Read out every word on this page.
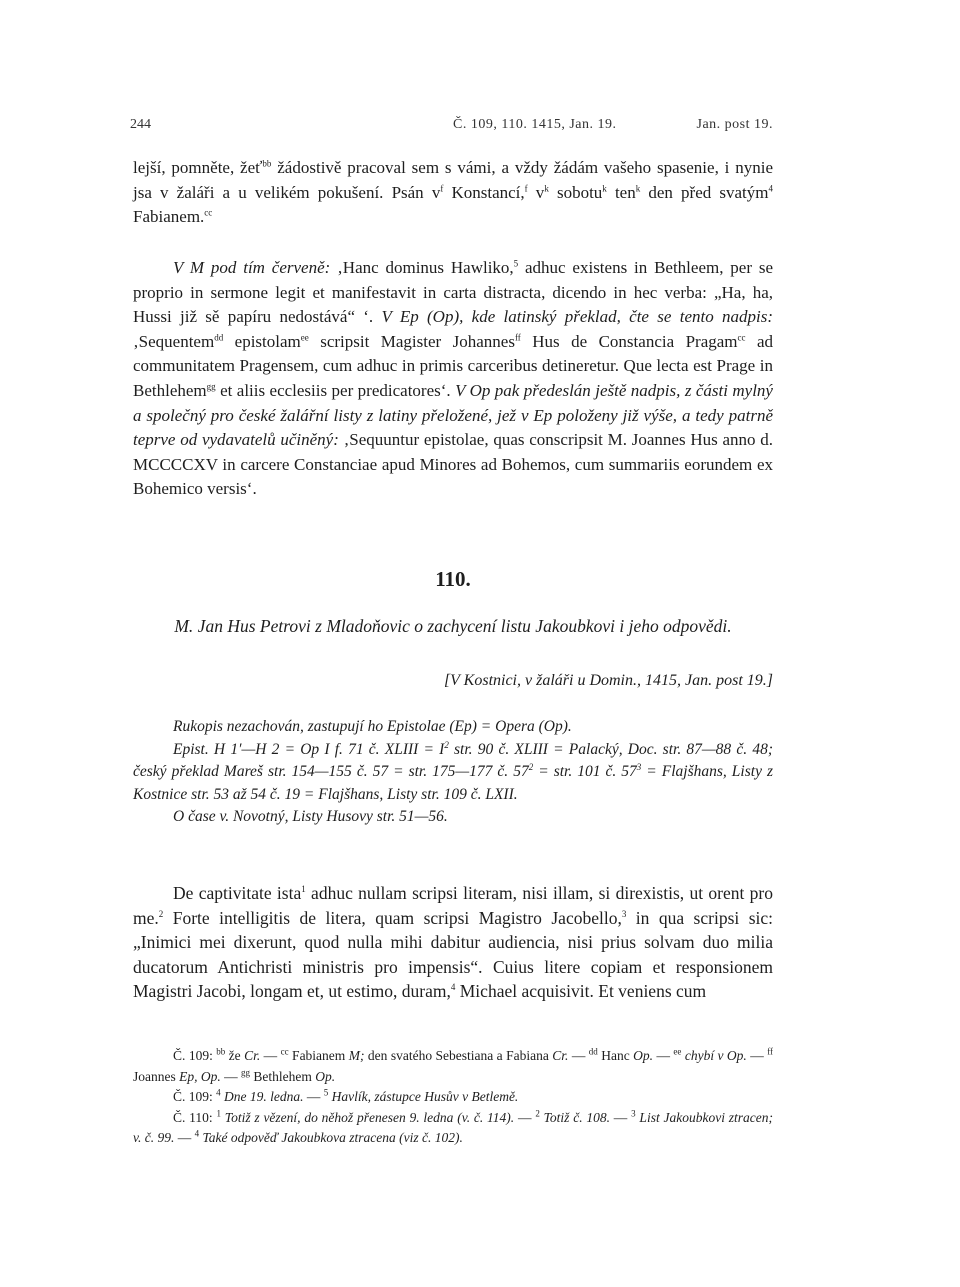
244	Č. 109, 110. 1415, Jan. 19.	Jan. post 19.
lejší, pomněte, žeť$^{bb}$ žádostivě pracoval sem s vámi, a vždy žádám vašeho spasenie, i nynie jsa v žaláři a u velikém pokušení. Psán $v^f$ Konstancí,$^f$ $v^k$ sobotu$^k$ ten$^k$ den před svatým$^4$ Fabianem.$^{cc}$
V M pod tím červeně: ‚Hanc dominus Hawliko,$^5$ adhuc existens in Bethleem, per se proprio in sermone legit et manifestavit in carta distracta, dicendo in hec verba: „Ha, ha, Hussi již sě papíru nedostává“ ‘. V Ep (Op), kde latinský překlad, čte se tento nadpis: ‚Sequentem$^{dd}$ epistolam$^{ee}$ scripsit Magister Johannes$^{ff}$ Hus de Constancia Pragam$^{cc}$ ad communitatem Pragensem, cum adhuc in primis carceribus detineretur. Que lecta est Prage in Bethlehem$^{gg}$ et aliis ecclesiis per predicatores‘. V Op pak předeslán ještě nadpis, z části mylný a společný pro české žalářní listy z latiny přeložené, jež v Ep položeny již výše, a tedy patrně teprve od vydavatelů učiněný: ‚Sequuntur epistolae, quas conscripsit M. Joannes Hus anno d. MCCCCXV in carcere Constanciae apud Minores ad Bohemos, cum summariis eorundem ex Bohemico versis‘.
110.
M. Jan Hus Petrovi z Mladoňovic o zachycení listu Jakoubkovi i jeho odpovědi.
[V Kostnici, v žaláři u Domin., 1415, Jan. post 19.]

Rukopis nezachován, zastupují ho Epistolae (Ep) = Opera (Op).

Epist. H 1′—H 2 = Op I f. 71 č. XLIII = $I^2$ str. 90 č. XLIII = Palacký, Doc. str. 87—88 č. 48; český překlad Mareš str. 154—155 č. 57 = str. 175—177 č. $57^2$ = str. 101 č. $57^3$ = Flajšhans, Listy z Kostnice str. 53 až 54 č. 19 = Flajšhans, Listy str. 109 č. LXII.

O čase v. Novotný, Listy Husovy str. 51—56.

De captivitate ista$^1$ adhuc nullam scripsi literam, nisi illam, si direxistis, ut orent pro me.$^2$ Forte intelligitis de litera, quam scripsi Magistro Jacobello,$^3$ in qua scripsi sic: „Inimici mei dixerunt, quod nulla mihi dabitur audiencia, nisi prius solvam duo milia ducatorum Antichristi ministris pro impensis“. Cuius litere copiam et responsionem Magistri Jacobi, longam et, ut estimo, duram,$^4$ Michael acquisivit. Et veniens cum

Č. 109: $^{bb}$ že Cr. — $^{cc}$ Fabianem M; den svatého Sebestiana a Fabiana Cr. — $^{dd}$ Hanc Op. — $^{ee}$ chybí v Op. — $^{ff}$ Joannes Ep, Op. — $^{gg}$ Bethlehem Op.

Č. 109: $^4$ Dne 19. ledna. — $^5$ Havlík, zástupce Husův v Betlemě.

Č. 110: $^1$ Totiž z vězení, do něhož přenesen 9. ledna (v. č. 114). — $^2$ Totiž č. 108. — $^3$ List Jakoubkovi ztracen; v. č. 99. — $^4$ Také odpověď Jakoubkova ztracena (viz č. 102).
